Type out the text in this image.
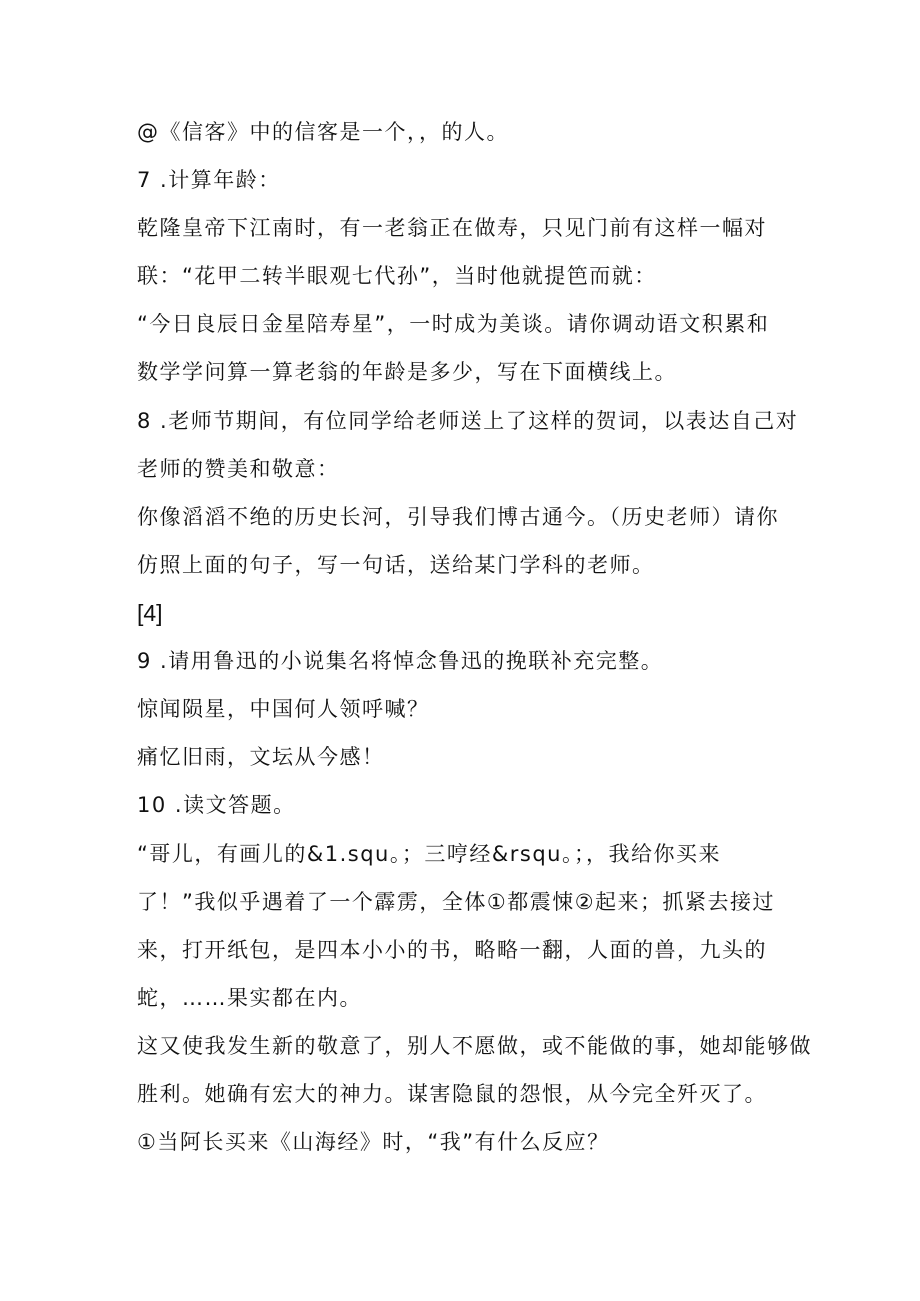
@《信客》中的信客是一个，，的人。
7 .计算年龄：
乾隆皇帝下江南时，有一老翁正在做寿，只见门前有这样一幅对
联：“花甲二转半眼观七代孙”，当时他就提笆而就：
“今日良辰日金星陪寿星”，一时成为美谈。请你调动语文积累和
数学学问算一算老翁的年龄是多少，写在下面横线上。
8 .老师节期间，有位同学给老师送上了这样的贺词，以表达自己对
老师的赞美和敬意：
你像滔滔不绝的历史长河，引导我们博古通今。（历史老师）请你
仿照上面的句子，写一句话，送给某门学科的老师。
[4]
9 .请用鲁迅的小说集名将悼念鲁迅的挽联补充完整。
惊闻陨星，中国何人领呼喊？
痛忆旧雨，文坛从今感！
10 .读文答题。
“哥儿，有画儿的&1.squ。；三哼经&rsqu。；，我给你买来
了！”我似乎遇着了一个霹雳，全体①都震悚②起来；抓紧去接过
来，打开纸包，是四本小小的书，略略一翻，人面的兽，九头的
蛇，……果实都在内。
这又使我发生新的敬意了，别人不愿做，或不能做的事，她却能够做
胜利。她确有宏大的神力。谋害隐鼠的怨恨，从今完全歼灭了。
①当阿长买来《山海经》时，“我”有什么反应？
